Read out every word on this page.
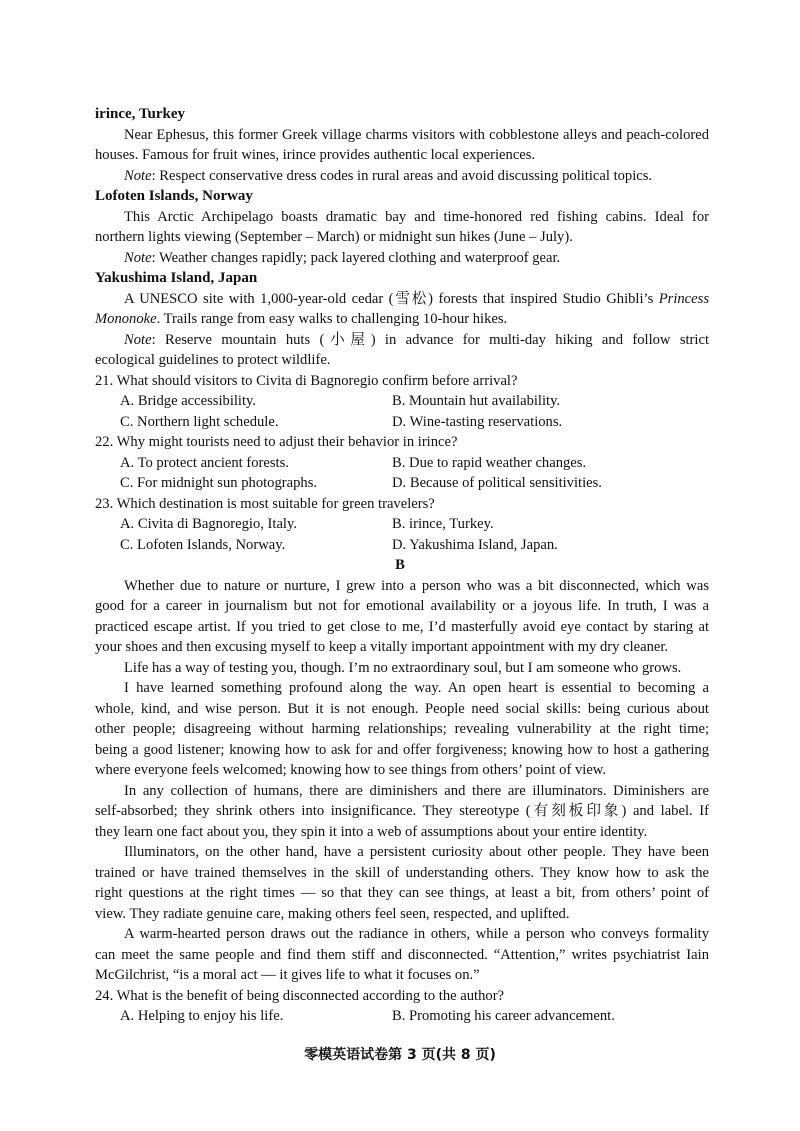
irince, Turkey
Near Ephesus, this former Greek village charms visitors with cobblestone alleys and peach-colored
houses. Famous for fruit wines, irince provides authentic local experiences.
Note: Respect conservative dress codes in rural areas and avoid discussing political topics.
Lofoten Islands, Norway
This Arctic Archipelago boasts dramatic bay and time-honored red fishing cabins. Ideal for
northern lights viewing (September – March) or midnight sun hikes (June – July).
Note: Weather changes rapidly; pack layered clothing and waterproof gear.
Yakushima Island, Japan
A UNESCO site with 1,000-year-old cedar (雪松) forests that inspired Studio Ghibli’s Princess
Mononoke. Trails range from easy walks to challenging 10-hour hikes.
Note: Reserve mountain huts (小屋) in advance for multi-day hiking and follow strict
ecological guidelines to protect wildlife.
21. What should visitors to Civita di Bagnoregio confirm before arrival?
A. Bridge accessibility.	B. Mountain hut availability.
C. Northern light schedule.	D. Wine-tasting reservations.
22. Why might tourists need to adjust their behavior in irince?
A. To protect ancient forests.	B. Due to rapid weather changes.
C. For midnight sun photographs.	D. Because of political sensitivities.
23. Which destination is most suitable for green travelers?
A. Civita di Bagnoregio, Italy.	B. irince, Turkey.
C. Lofoten Islands, Norway.	D. Yakushima Island, Japan.
B
Whether due to nature or nurture, I grew into a person who was a bit disconnected, which was
good for a career in journalism but not for emotional availability or a joyous life. In truth, I was a
practiced escape artist. If you tried to get close to me, I’d masterfully avoid eye contact by staring at
your shoes and then excusing myself to keep a vitally important appointment with my dry cleaner.
Life has a way of testing you, though. I’m no extraordinary soul, but I am someone who grows.
I have learned something profound along the way. An open heart is essential to becoming a
whole, kind, and wise person. But it is not enough. People need social skills: being curious about
other people; disagreeing without harming relationships; revealing vulnerability at the right time;
being a good listener; knowing how to ask for and offer forgiveness; knowing how to host a gathering
where everyone feels welcomed; knowing how to see things from others’ point of view.
In any collection of humans, there are diminishers and there are illuminators. Diminishers are
self-absorbed; they shrink others into insignificance. They stereotype (有刻板印象) and label. If
they learn one fact about you, they spin it into a web of assumptions about your entire identity.
Illuminators, on the other hand, have a persistent curiosity about other people. They have been
trained or have trained themselves in the skill of understanding others. They know how to ask the
right questions at the right times — so that they can see things, at least a bit, from others’ point of
view. They radiate genuine care, making others feel seen, respected, and uplifted.
A warm-hearted person draws out the radiance in others, while a person who conveys formality
can meet the same people and find them stiff and disconnected. “Attention,” writes psychiatrist Iain
McGilchrist, “is a moral act — it gives life to what it focuses on.”
24. What is the benefit of being disconnected according to the author?
A. Helping to enjoy his life.	B. Promoting his career advancement.
零模英语试卷第 3 页(共 8 页)
